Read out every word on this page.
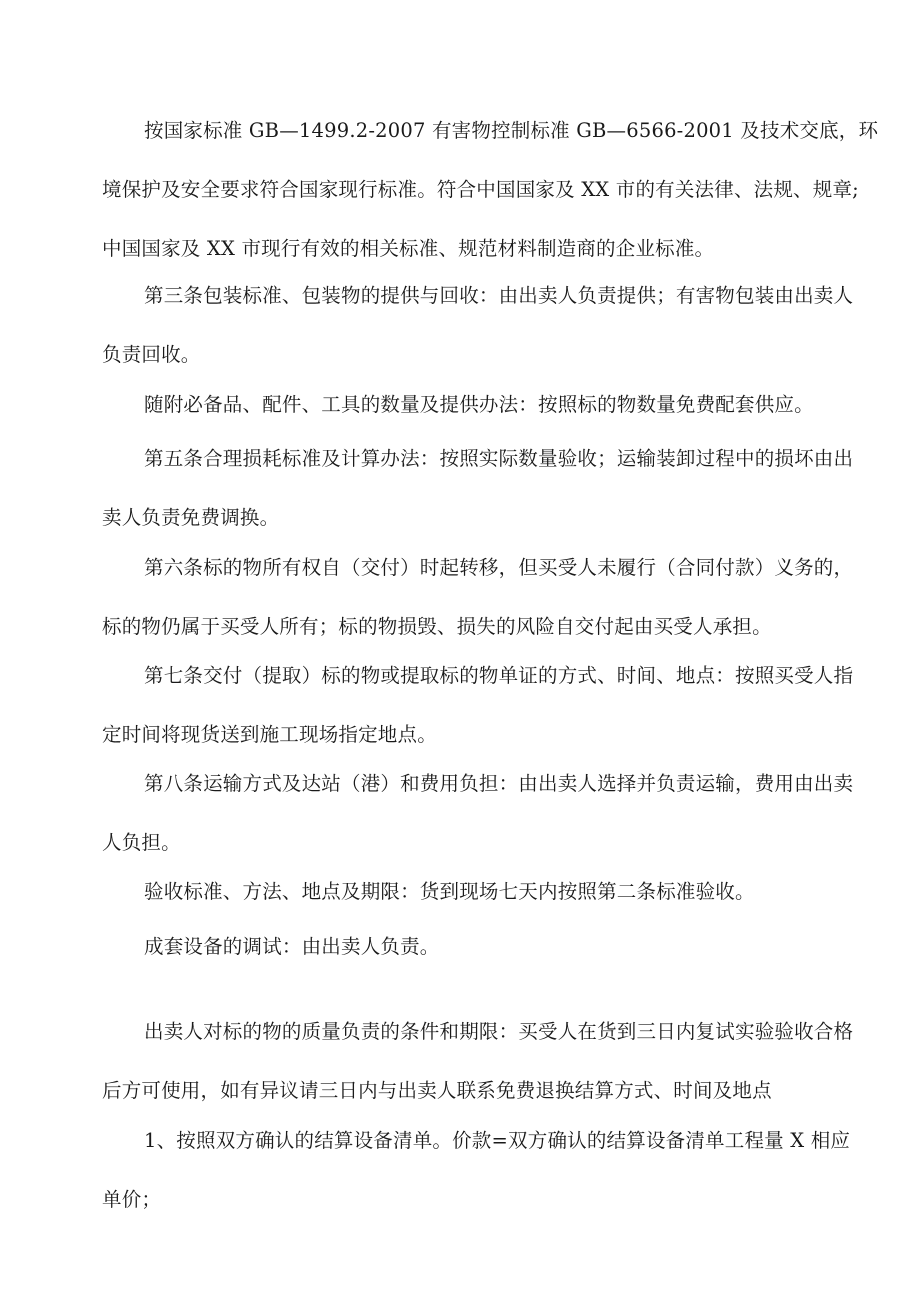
按国家标准 GB—1499.2-2007 有害物控制标准 GB—6566-2001 及技术交底，环
境保护及安全要求符合国家现行标准。符合中国国家及 XX 市的有关法律、法规、规章;
中国国家及 XX 市现行有效的相关标准、规范材料制造商的企业标准。
第三条包装标准、包装物的提供与回收：由出卖人负责提供；有害物包装由出卖人
负责回收。
随附必备品、配件、工具的数量及提供办法：按照标的物数量免费配套供应。
第五条合理损耗标准及计算办法：按照实际数量验收；运输装卸过程中的损坏由出
卖人负责免费调换。
第六条标的物所有权自（交付）时起转移，但买受人未履行（合同付款）义务的，
标的物仍属于买受人所有；标的物损毁、损失的风险自交付起由买受人承担。
第七条交付（提取）标的物或提取标的物单证的方式、时间、地点：按照买受人指
定时间将现货送到施工现场指定地点。
第八条运输方式及达站（港）和费用负担：由出卖人选择并负责运输，费用由出卖
人负担。
验收标准、方法、地点及期限：货到现场七天内按照第二条标准验收。
成套设备的调试：由出卖人负责。
出卖人对标的物的质量负责的条件和期限：买受人在货到三日内复试实验验收合格
后方可使用，如有异议请三日内与出卖人联系免费退换结算方式、时间及地点
1、按照双方确认的结算设备清单。价款=双方确认的结算设备清单工程量 X 相应
单价；
